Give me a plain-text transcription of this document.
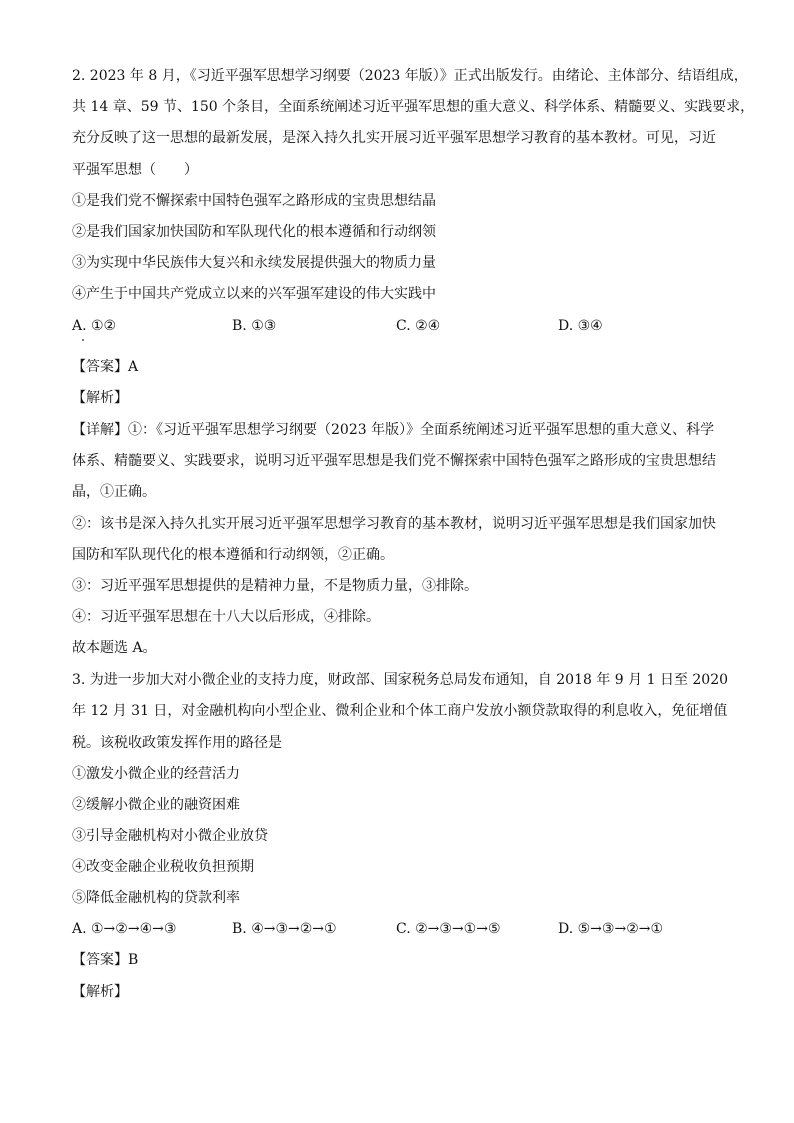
2. 2023 年 8 月，《习近平强军思想学习纲要（2023 年版）》正式出版发行。由绪论、主体部分、结语组成，
共 14 章、59 节、150 个条目，全面系统阐述习近平强军思想的重大意义、科学体系、精髓要义、实践要求，
充分反映了这一思想的最新发展，是深入持久扎实开展习近平强军思想学习教育的基本教材。可见，习近
平强军思想（　　）
①是我们党不懈探索中国特色强军之路形成的宝贵思想结晶
②是我们国家加快国防和军队现代化的根本遵循和行动纲领
③为实现中华民族伟大复兴和永续发展提供强大的物质力量
④产生于中国共产党成立以来的兴军强军建设的伟大实践中
A. ①②	B. ①③	C. ②④	D. ③④
【答案】A
【解析】
【详解】①：《习近平强军思想学习纲要（2023 年版）》全面系统阐述习近平强军思想的重大意义、科学
体系、精髓要义、实践要求，说明习近平强军思想是我们党不懈探索中国特色强军之路形成的宝贵思想结
晶，①正确。
②：该书是深入持久扎实开展习近平强军思想学习教育的基本教材，说明习近平强军思想是我们国家加快
国防和军队现代化的根本遵循和行动纲领，②正确。
③：习近平强军思想提供的是精神力量，不是物质力量，③排除。
④：习近平强军思想在十八大以后形成，④排除。
故本题选 A。
3. 为进一步加大对小微企业的支持力度，财政部、国家税务总局发布通知，自 2018 年 9 月 1 日至 2020
年 12 月 31 日，对金融机构向小型企业、微利企业和个体工商户发放小额贷款取得的利息收入，免征增值
税。该税收政策发挥作用的路径是
①激发小微企业的经营活力
②缓解小微企业的融资困难
③引导金融机构对小微企业放贷
④改变金融企业税收负担预期
⑤降低金融机构的贷款利率
A. ①→②→④→③	B. ④→③→②→①	C. ②→③→①→⑤	D. ⑤→③→②→①
【答案】B
【解析】
